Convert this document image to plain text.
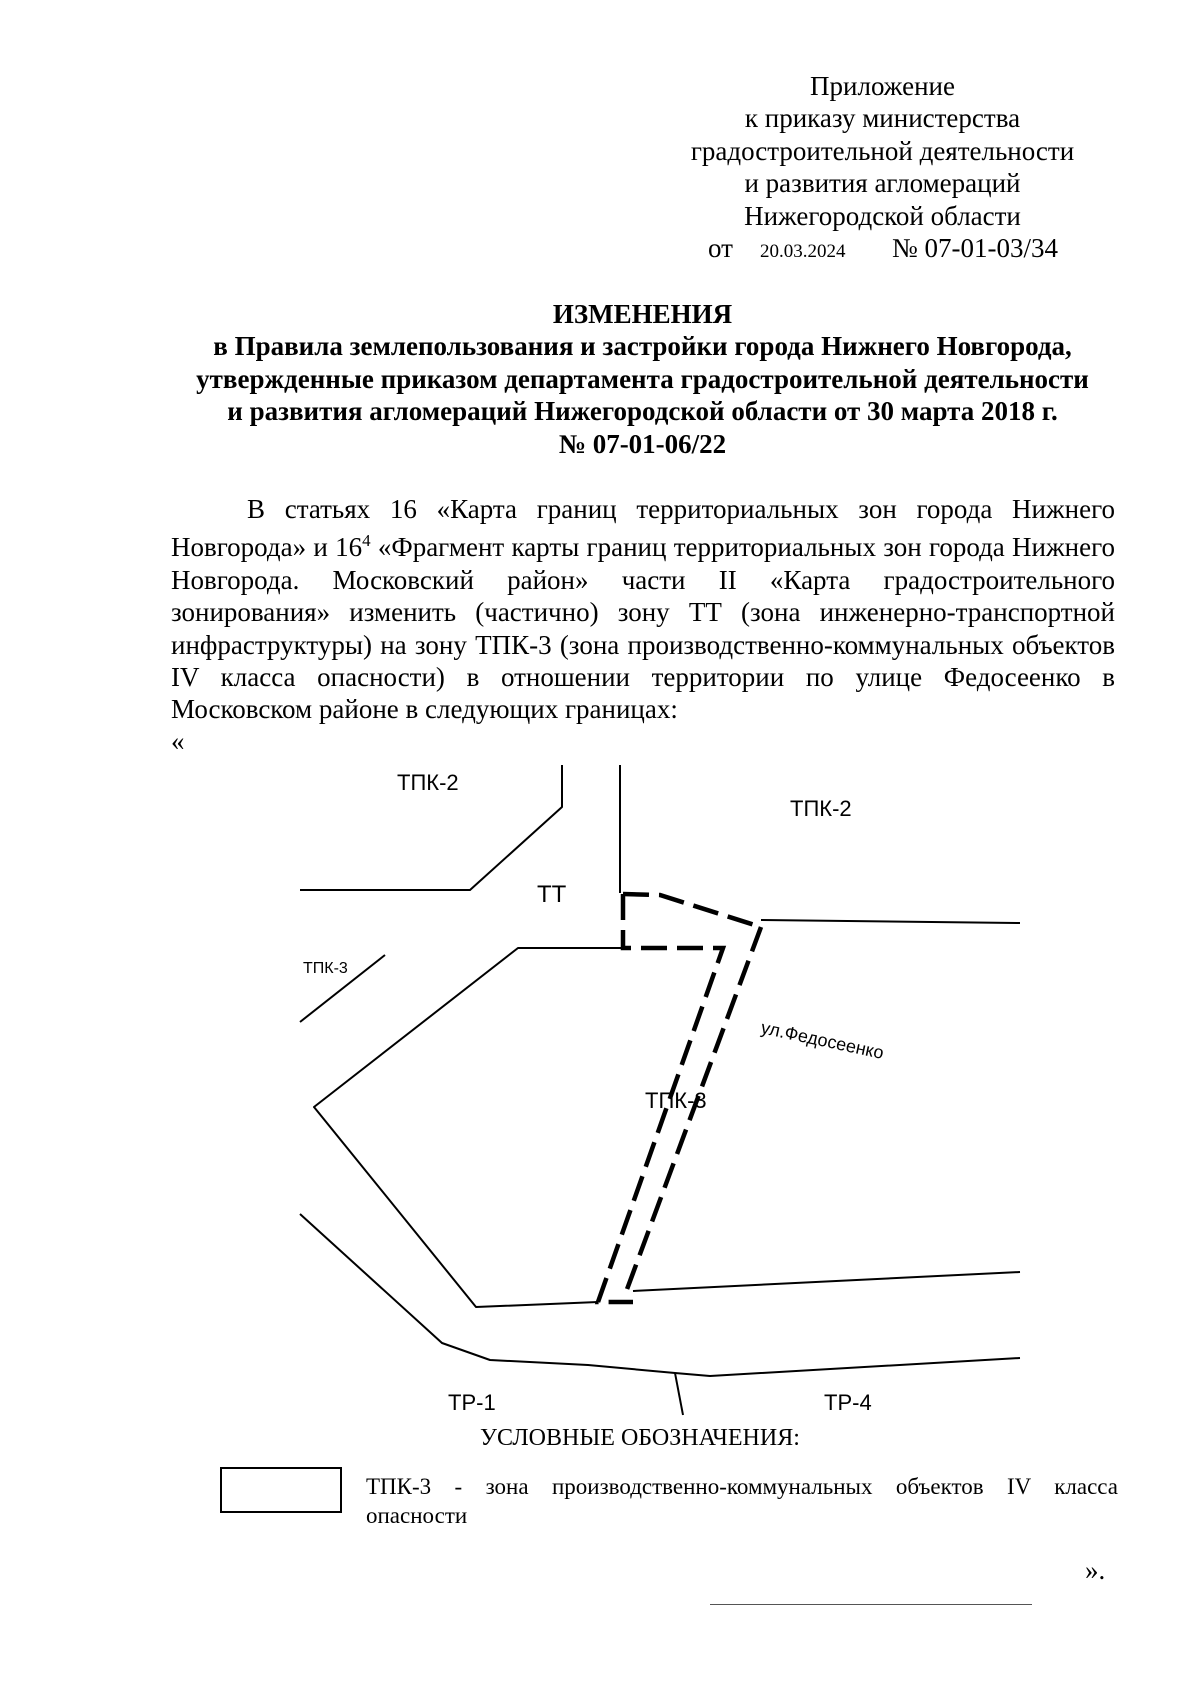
Приложение
к приказу министерства
градостроительной деятельности
и развития агломераций
Нижегородской области
от 20.03.2024 № 07-01-03/34
ИЗМЕНЕНИЯ
в Правила землепользования и застройки города Нижнего Новгорода,
утвержденные приказом департамента градостроительной деятельности
и развития агломераций Нижегородской области от 30 марта 2018 г.
№ 07-01-06/22

В статьях 16 «Карта границ территориальных зон города Нижнего Новгорода» и $16^4$ «Фрагмент карты границ территориальных зон города Нижнего Новгорода. Московский район» части II «Карта градостроительного зонирования» изменить (частично) зону ТТ (зона инженерно-транспортной инфраструктуры) на зону ТПК-3 (зона производственно-коммунальных объектов IV класса опасности) в отношении территории по улице Федосеенко в Московском районе в следующих границах:

«
ТПК-2
ТПК-2
ТТ
ТПК-3
ТПК-3
ул.Федосеенко
ТР-1	ТР-4
УСЛОВНЫЕ ОБОЗНАЧЕНИЯ:
ТПК-3 - зона производственно-коммунальных объектов IV класса опасности
».
